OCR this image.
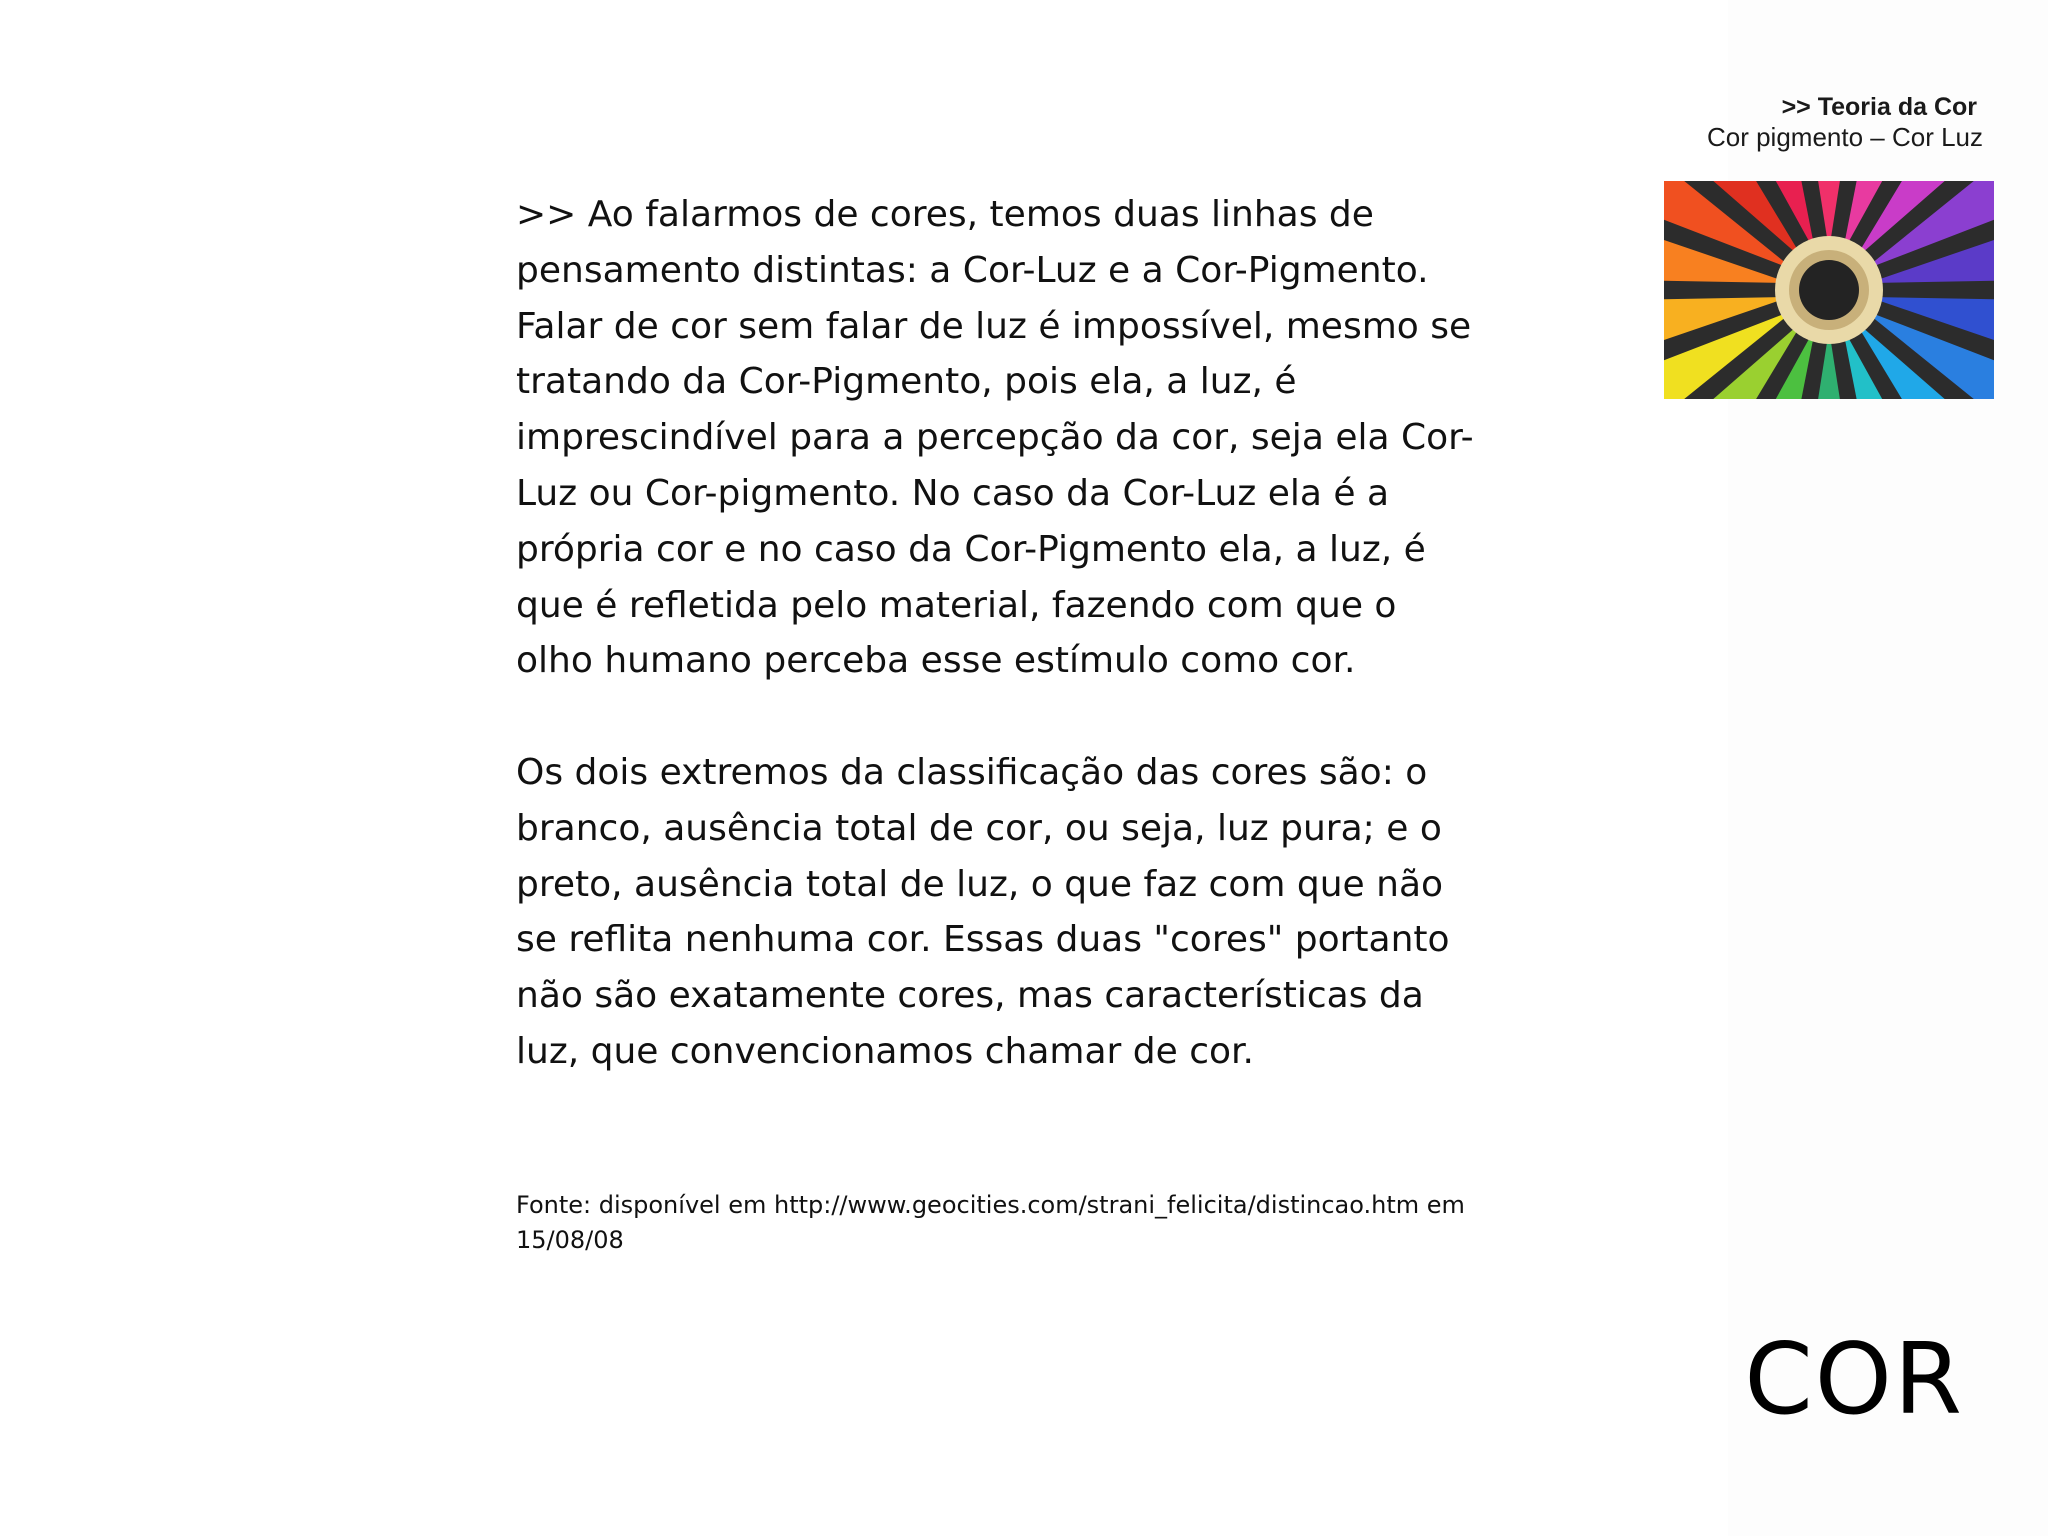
>> Teoria da Cor
Cor pigmento – Cor Luz

>> Ao falarmos de cores, temos duas linhas de

pensamento distintas: a Cor-Luz e a Cor-Pigmento.

Falar de cor sem falar de luz é impossível, mesmo se

tratando da Cor-Pigmento, pois ela, a luz, é

imprescindível para a percepção da cor, seja ela Cor-

Luz ou Cor-pigmento. No caso da Cor-Luz ela é a

própria cor e no caso da Cor-Pigmento ela, a luz, é

que é refletida pelo material, fazendo com que o

olho humano perceba esse estímulo como cor.

Os dois extremos da classificação das cores são: o

branco, ausência total de cor, ou seja, luz pura; e o

preto, ausência total de luz, o que faz com que não

se reflita nenhuma cor. Essas duas "cores" portanto

não são exatamente cores, mas características da

luz, que convencionamos chamar de cor.

Fonte: disponível em http://www.geocities.com/strani_felicita/distincao.htm em
15/08/08
COR
